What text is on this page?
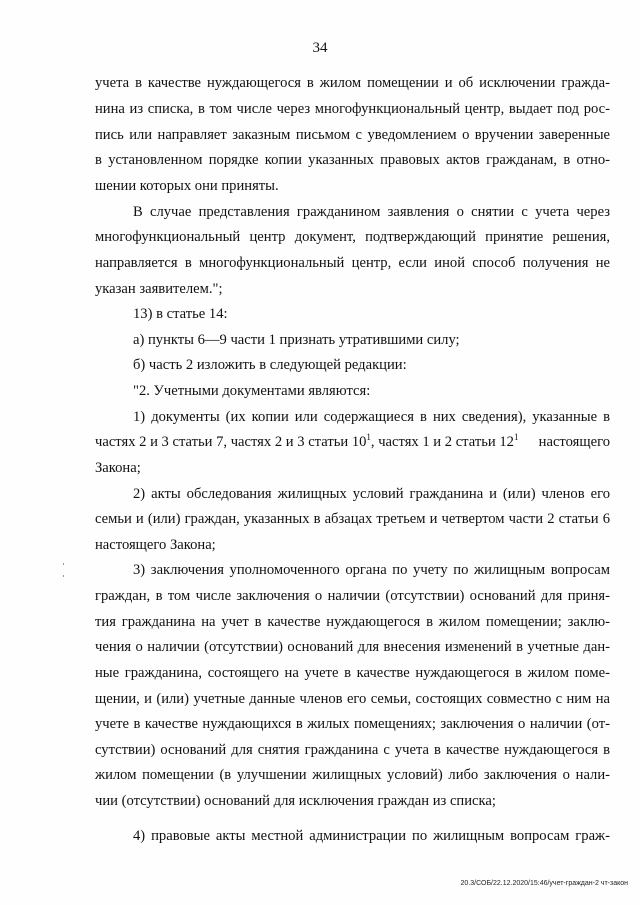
34
учета в качестве нуждающегося в жилом помещении и об исключении гражда-
нина из списка, в том числе через многофункциональный центр, выдает под рос-
пись или направляет заказным письмом с уведомлением о вручении заверенные
в установленном порядке копии указанных правовых актов гражданам, в отно-
шении которых они приняты.
В случае представления гражданином заявления о снятии с учета через
многофункциональный центр документ, подтверждающий принятие решения,
направляется в многофункциональный центр, если иной способ получения не
указан заявителем.";
13) в статье 14:
а) пункты 6—9 части 1 признать утратившими силу;
б) часть 2 изложить в следующей редакции:
"2. Учетными документами являются:
1) документы (их копии или содержащиеся в них сведения), указанные в
частях 2 и 3 статьи 7, частях 2 и 3 статьи $10^1$, частях 1 и 2 статьи $12^1$ настоящего
Закона;
2) акты обследования жилищных условий гражданина и (или) членов его
семьи и (или) граждан, указанных в абзацах третьем и четвертом части 2 статьи 6
настоящего Закона;
3) заключения уполномоченного органа по учету по жилищным вопросам
граждан, в том числе заключения о наличии (отсутствии) оснований для приня-
тия гражданина на учет в качестве нуждающегося в жилом помещении; заклю-
чения о наличии (отсутствии) оснований для внесения изменений в учетные дан-
ные гражданина, состоящего на учете в качестве нуждающегося в жилом поме-
щении, и (или) учетные данные членов его семьи, состоящих совместно с ним на
учете в качестве нуждающихся в жилых помещениях; заключения о наличии (от-
сутствии) оснований для снятия гражданина с учета в качестве нуждающегося в
жилом помещении (в улучшении жилищных условий) либо заключения о нали-
чии (отсутствии) оснований для исключения граждан из списка;
4) правовые акты местной администрации по жилищным вопросам граж-
20.3/СОБ/22.12.2020/15:46/учет-граждан-2 чт-закон
